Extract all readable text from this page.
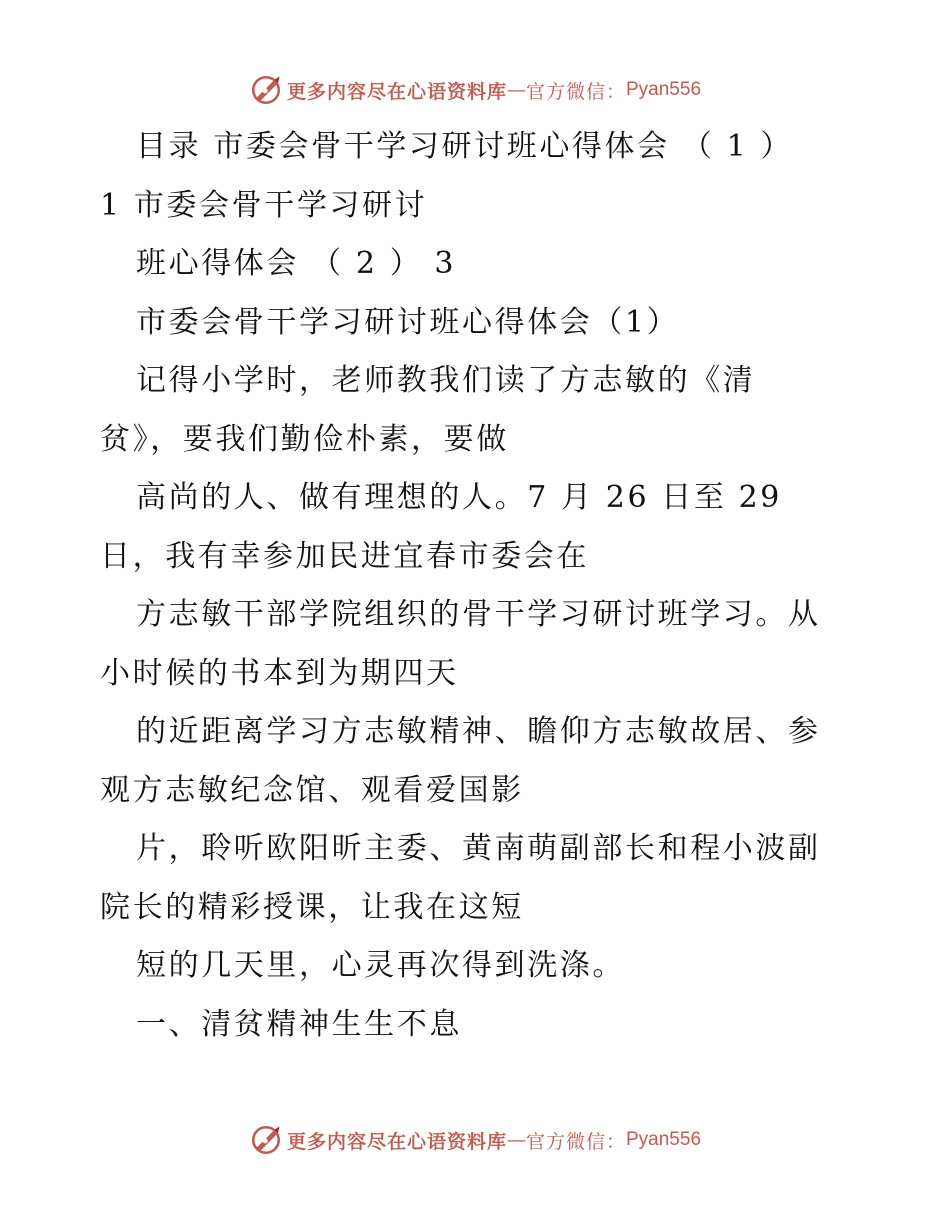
更多内容尽在心语资料库 — 官方微信： Pyan556
目录 市委会骨干学习研讨班心得体会 （ 1 ）
1 市委会骨干学习研讨
班心得体会 （ 2 ） 3
市委会骨干学习研讨班心得体会（1）
记得小学时，老师教我们读了方志敏的《清
贫》，要我们勤俭朴素，要做
高尚的人、做有理想的人。7 月 26 日至 29
日，我有幸参加民进宜春市委会在
方志敏干部学院组织的骨干学习研讨班学习。从
小时候的书本到为期四天
的近距离学习方志敏精神、瞻仰方志敏故居、参
观方志敏纪念馆、观看爱国影
片，聆听欧阳昕主委、黄南萌副部长和程小波副
院长的精彩授课，让我在这短
短的几天里，心灵再次得到洗涤。
一、清贫精神生生不息
更多内容尽在心语资料库 — 官方微信： Pyan556
